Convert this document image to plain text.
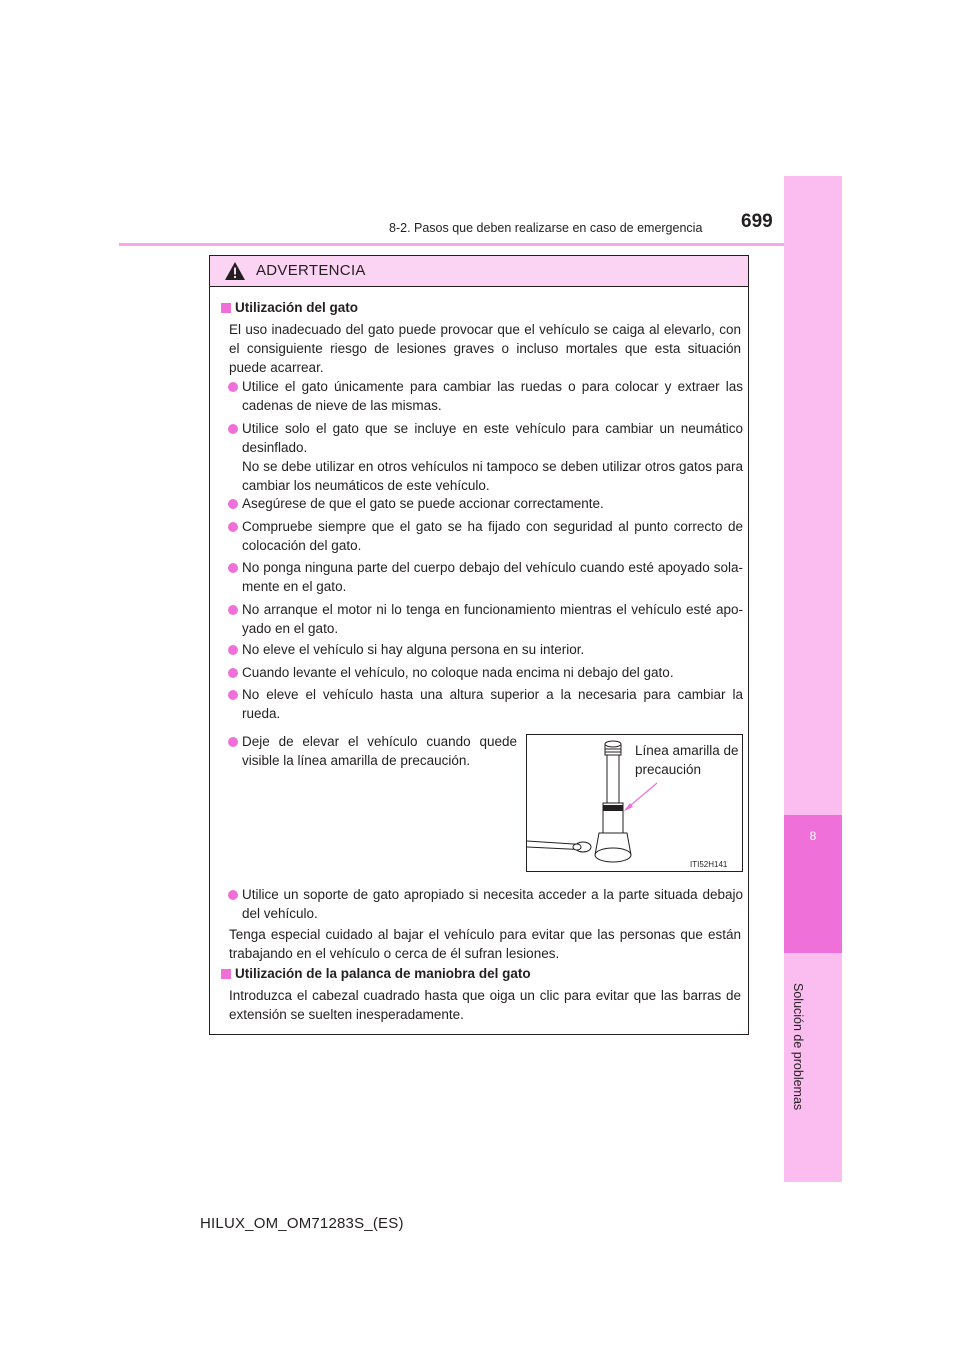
8
Solución de problemas
8-2. Pasos que deben realizarse en caso de emergencia 699
ADVERTENCIA
Utilización del gato
El uso inadecuado del gato puede provocar que el vehículo se caiga al elevarlo, con el consiguiente riesgo de lesiones graves o incluso mortales que esta situación puede acarrear.
Utilice el gato únicamente para cambiar las ruedas o para colocar y extraer las cadenas de nieve de las mismas.
Utilice solo el gato que se incluye en este vehículo para cambiar un neumático desinflado.
No se debe utilizar en otros vehículos ni tampoco se deben utilizar otros gatos para cambiar los neumáticos de este vehículo.
Asegúrese de que el gato se puede accionar correctamente.
Compruebe siempre que el gato se ha fijado con seguridad al punto correcto de colocación del gato.
No ponga ninguna parte del cuerpo debajo del vehículo cuando esté apoyado sola-mente en el gato.
No arranque el motor ni lo tenga en funcionamiento mientras el vehículo esté apo-yado en el gato.
No eleve el vehículo si hay alguna persona en su interior.
Cuando levante el vehículo, no coloque nada encima ni debajo del gato.
No eleve el vehículo hasta una altura superior a la necesaria para cambiar la rueda.
Deje de elevar el vehículo cuando quede visible la línea amarilla de precaución.
Línea amarilla de precaución
ITI52H141
Utilice un soporte de gato apropiado si necesita acceder a la parte situada debajo del vehículo.
Tenga especial cuidado al bajar el vehículo para evitar que las personas que están trabajando en el vehículo o cerca de él sufran lesiones.
Utilización de la palanca de maniobra del gato
Introduzca el cabezal cuadrado hasta que oiga un clic para evitar que las barras de extensión se suelten inesperadamente.
HILUX_OM_OM71283S_(ES)
